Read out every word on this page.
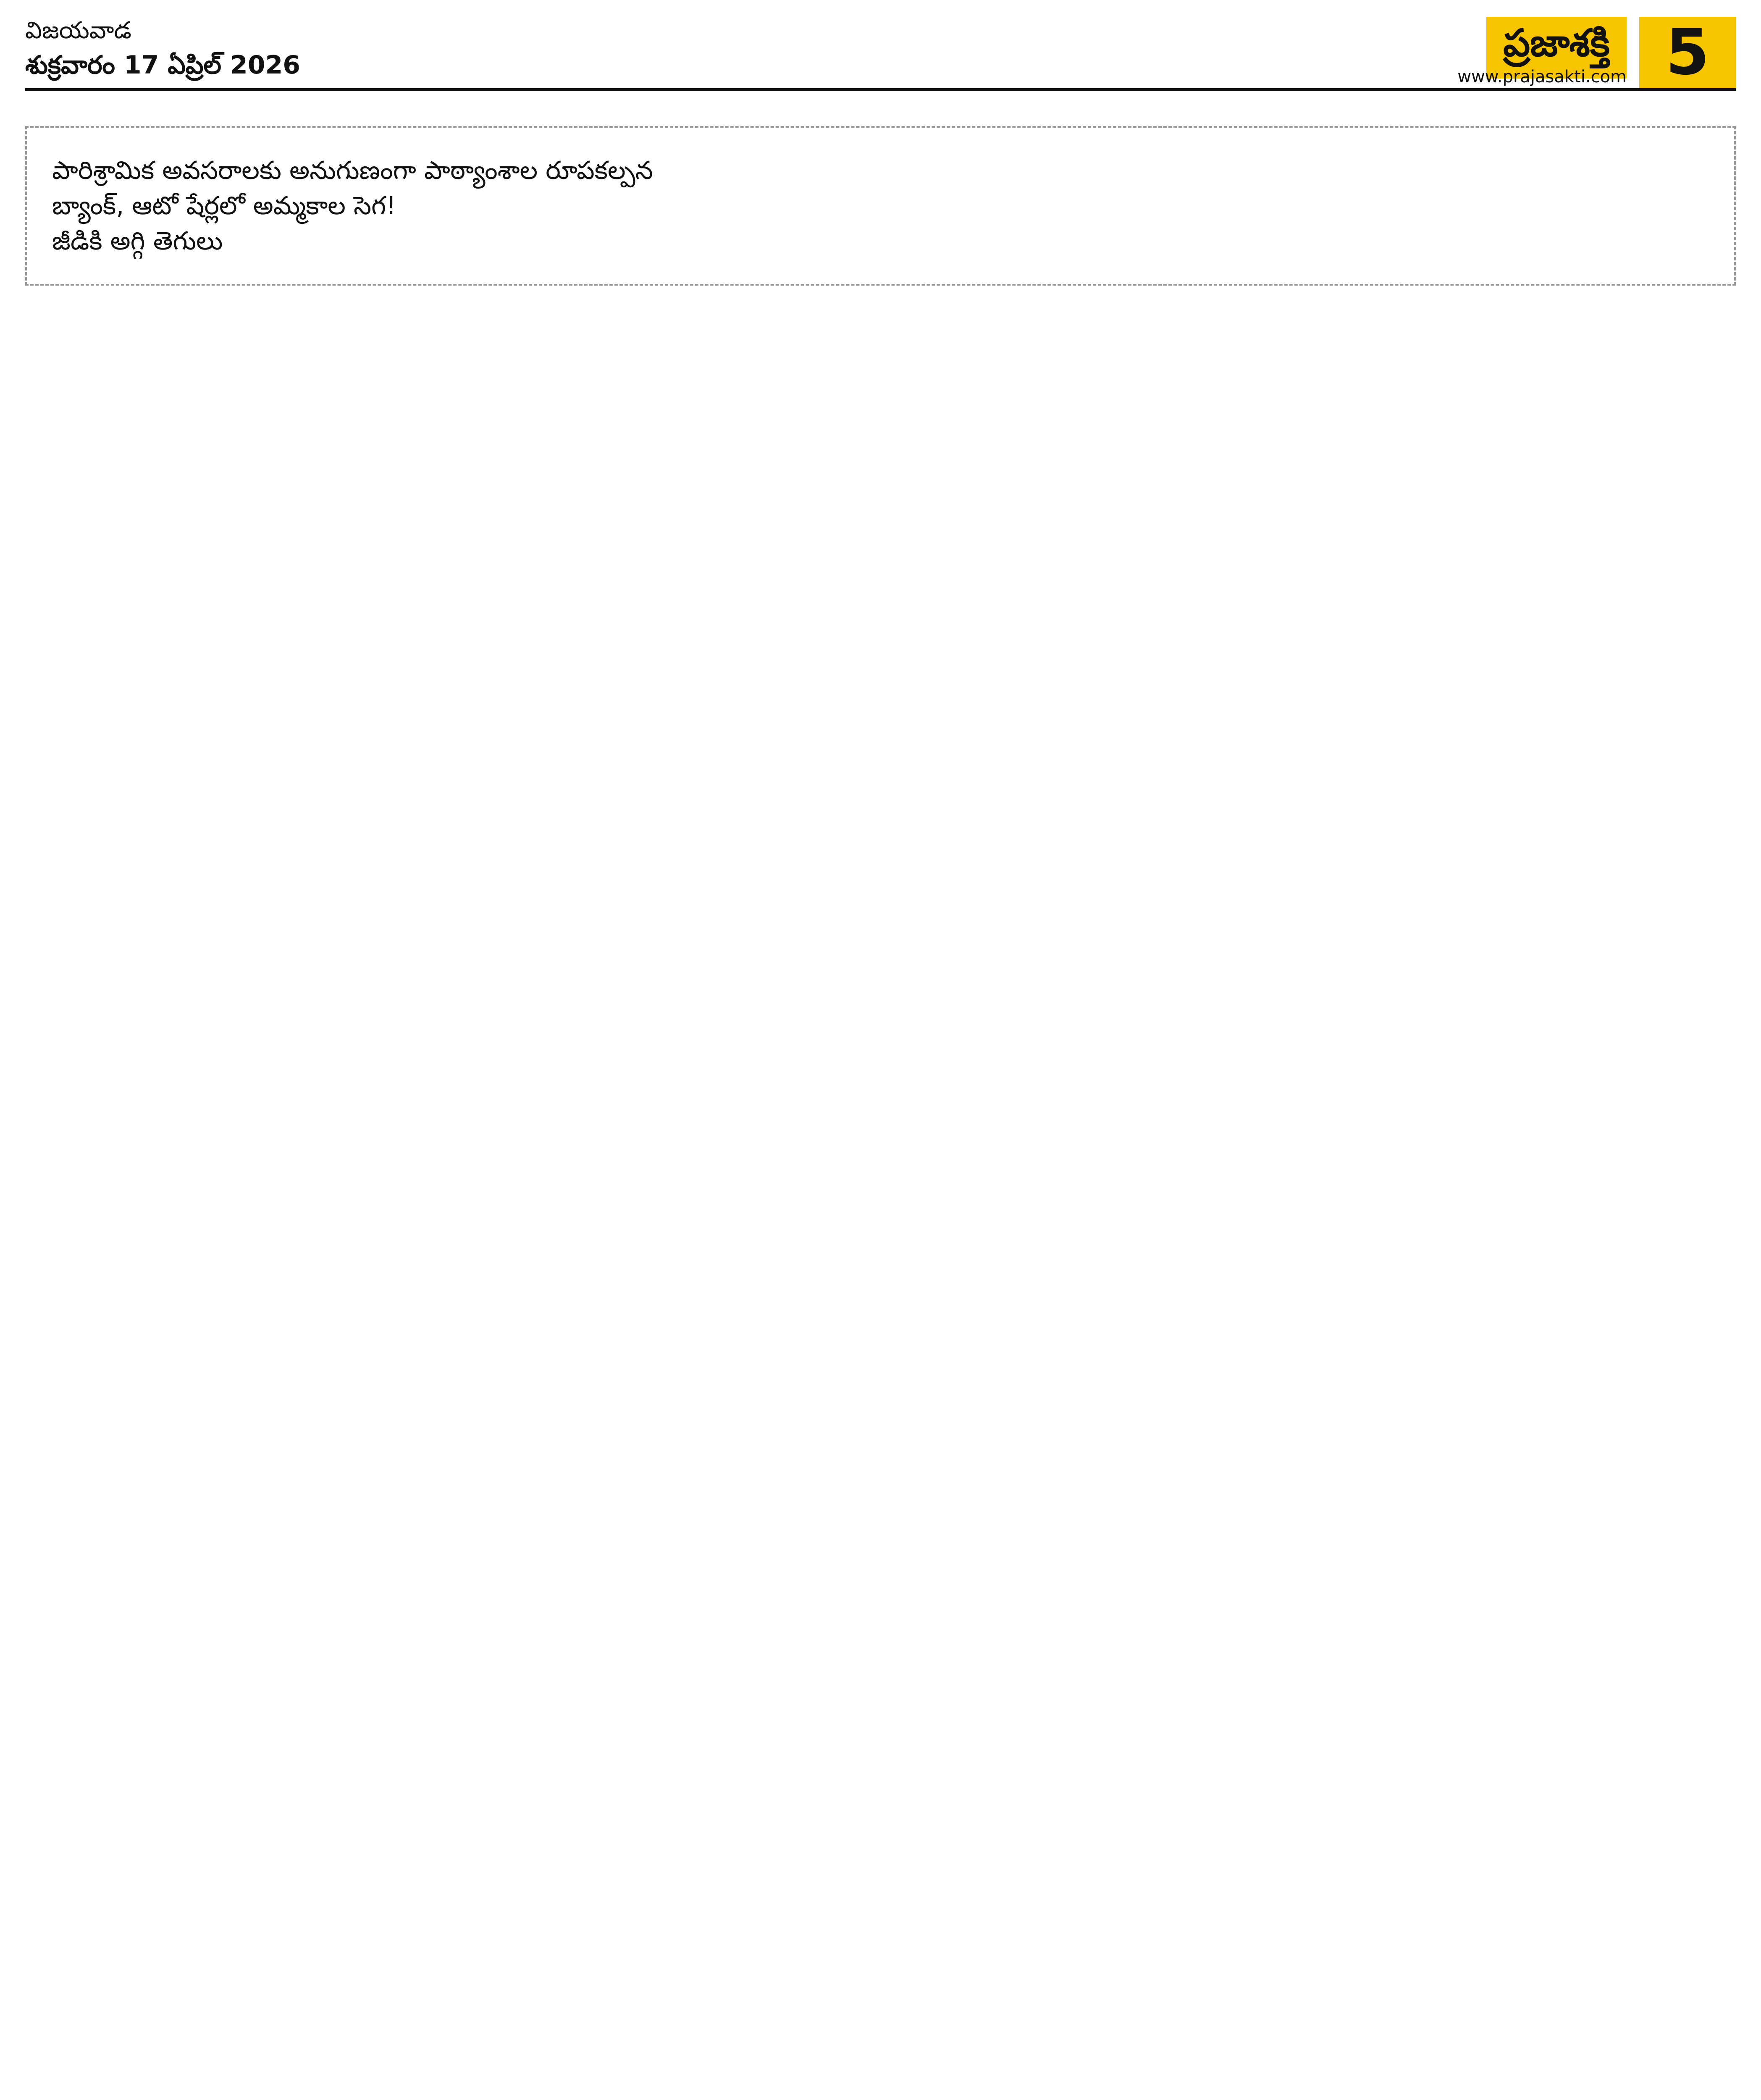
విజయవాడ
శుక్రవారం 17 ఏప్రిల్ 2026	ప్రజాశక్తి
www.prajasakti.com 5
పారిశ్రామిక అవసరాలకు అనుగుణంగా పాఠ్యాంశాల రూపకల్పన
బ్యాంక్, ఆటో షేర్లలో అమ్మకాల సెగ!
జీడికి అగ్గి తెగులు
